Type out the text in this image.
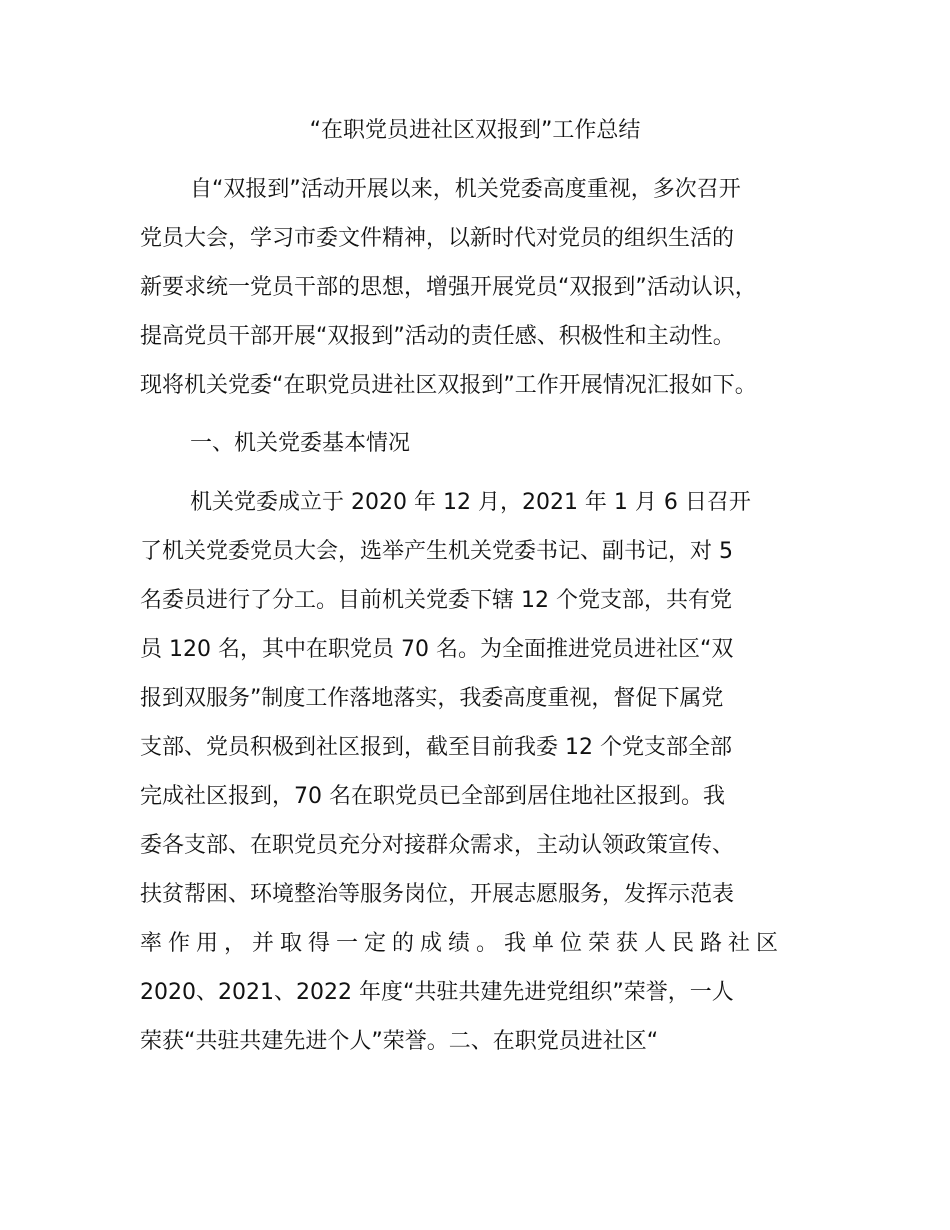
“在职党员进社区双报到”工作总结
自“双报到”活动开展以来，机关党委高度重视，多次召开
党员大会，学习市委文件精神，以新时代对党员的组织生活的
新要求统一党员干部的思想，增强开展党员“双报到”活动认识，
提高党员干部开展“双报到”活动的责任感、积极性和主动性。
现将机关党委“在职党员进社区双报到”工作开展情况汇报如下。
一、机关党委基本情况
机关党委成立于 2020 年 12 月，2021 年 1 月 6 日召开
了机关党委党员大会，选举产生机关党委书记、副书记，对 5
名委员进行了分工。目前机关党委下辖 12 个党支部，共有党
员 120 名，其中在职党员 70 名。为全面推进党员进社区“双
报到双服务”制度工作落地落实，我委高度重视，督促下属党
支部、党员积极到社区报到，截至目前我委 12 个党支部全部
完成社区报到，70 名在职党员已全部到居住地社区报到。我
委各支部、在职党员充分对接群众需求，主动认领政策宣传、
扶贫帮困、环境整治等服务岗位，开展志愿服务，发挥示范表
率作用，并取得一定的成绩。我单位荣获人民路社区
2020、2021、2022 年度“共驻共建先进党组织”荣誉，一人
荣获“共驻共建先进个人”荣誉。二、在职党员进社区“
